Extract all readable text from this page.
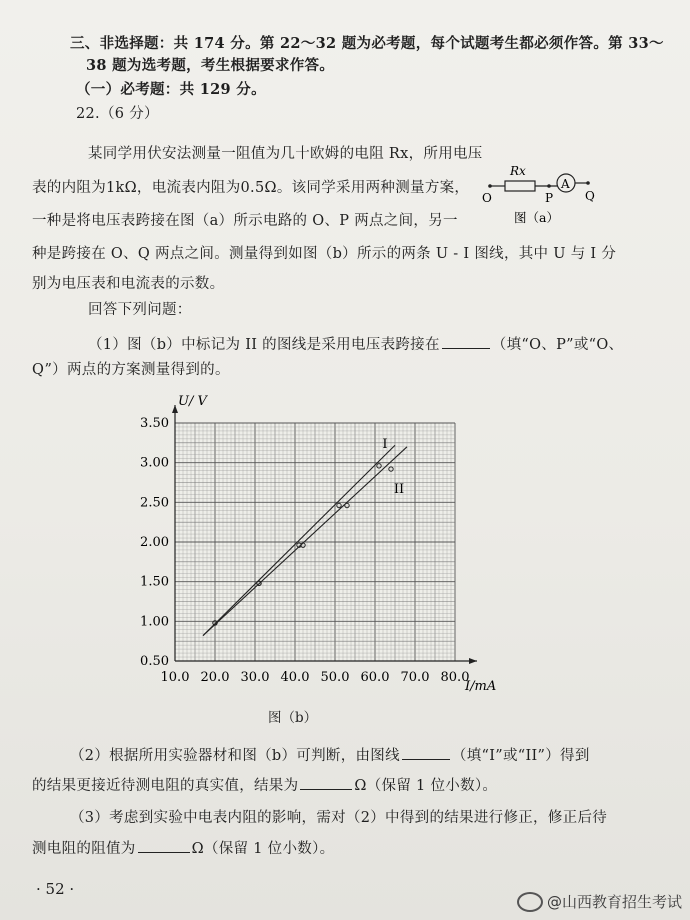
三、非选择题：共 174 分。第 22～32 题为必考题，每个试题考生都必须作答。第 33～
38 题为选考题，考生根据要求作答。
（一）必考题：共 129 分。
22.（6 分）
某同学用伏安法测量一阻值为几十欧姆的电阻 Rx，所用电压
表的内阻为1kΩ，电流表内阻为0.5Ω。该同学采用两种测量方案，
一种是将电压表跨接在图（a）所示电路的 O、P 两点之间，另一
种是跨接在 O、Q 两点之间。测量得到如图（b）所示的两条 U - I 图线，其中 U 与 I 分
别为电压表和电流表的示数。
回答下列问题：
（1）图（b）中标记为 II 的图线是采用电压表跨接在	（填“O、P”或“O、
Q”）两点的方案测量得到的。
Rx
A
O	P	Q
图（a）
10.0 20.0 30.0 40.0 50.0 60.0 70.0 80.0
0.50
1.00
1.50
2.00
2.50
3.00
3.50
I
II
U/ V
I/mA
图（b）
（2）根据所用实验器材和图（b）可判断，由图线	（填“I”或“II”）得到
的结果更接近待测电阻的真实值，结果为	Ω（保留 1 位小数）。
（3）考虑到实验中电表内阻的影响，需对（2）中得到的结果进行修正，修正后待
测电阻的阻值为	Ω（保留 1 位小数）。
· 52 ·
@山西教育招生考试
